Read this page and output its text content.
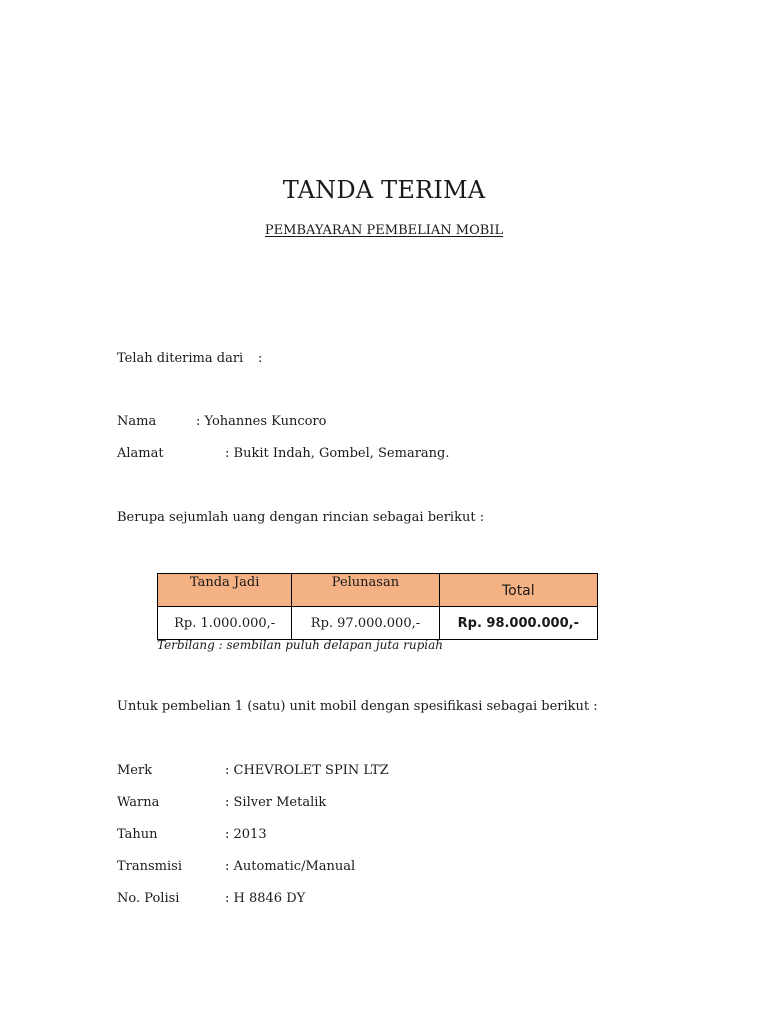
TANDA TERIMA
PEMBAYARAN PEMBELIAN MOBIL
Telah diterima dari :
Nama	: Yohannes Kuncoro
Alamat	: Bukit Indah, Gombel, Semarang.
Berupa sejumlah uang dengan rincian sebagai berikut :
Tanda Jadi	Pelunasan	Total
Rp. 1.000.000,-	Rp. 97.000.000,-	Rp. 98.000.000,-
Terbilang : sembilan puluh delapan juta rupiah
Untuk pembelian 1 (satu) unit mobil dengan spesifikasi sebagai berikut :
Merk	: CHEVROLET SPIN LTZ
Warna	: Silver Metalik
Tahun	: 2013
Transmisi	: Automatic/Manual
No. Polisi	: H 8846 DY
